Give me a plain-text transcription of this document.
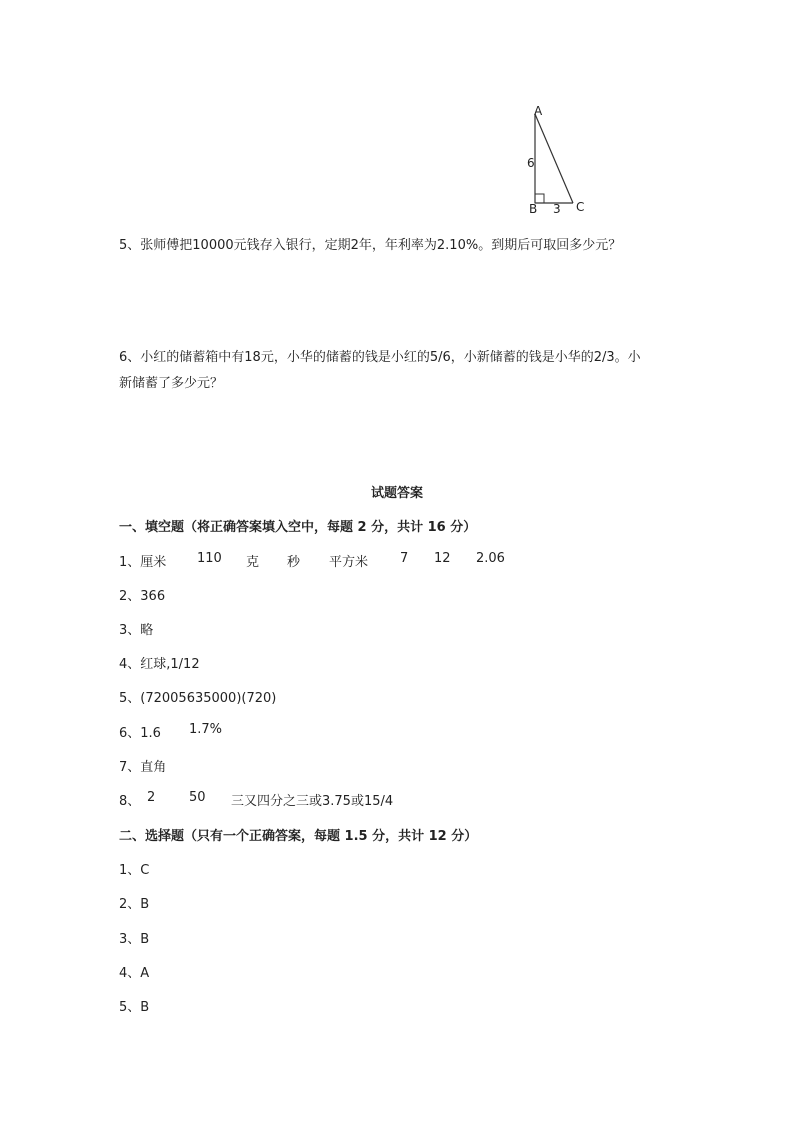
A
B	C
6
3
5、张师傅把10000元钱存入银行，定期2年，年利率为2.10%。到期后可取回多少元？
6、小红的储蓄箱中有18元，小华的储蓄的钱是小红的5/6，小新储蓄的钱是小华的2/3。小
新储蓄了多少元？
试题答案
一、填空题（将正确答案填入空中，每题 2 分，共计 16 分）
1、厘米 110 克 秒 平方米 7 12 2.06
2、366
3、略
4、红球,1/12
5、(72005635000)(720)
6、1.6 1.7%
7、直角
8、 2	50 三又四分之三或3.75或15/4
二、选择题（只有一个正确答案，每题 1.5 分，共计 12 分）
1、C
2、B
3、B
4、A
5、B
